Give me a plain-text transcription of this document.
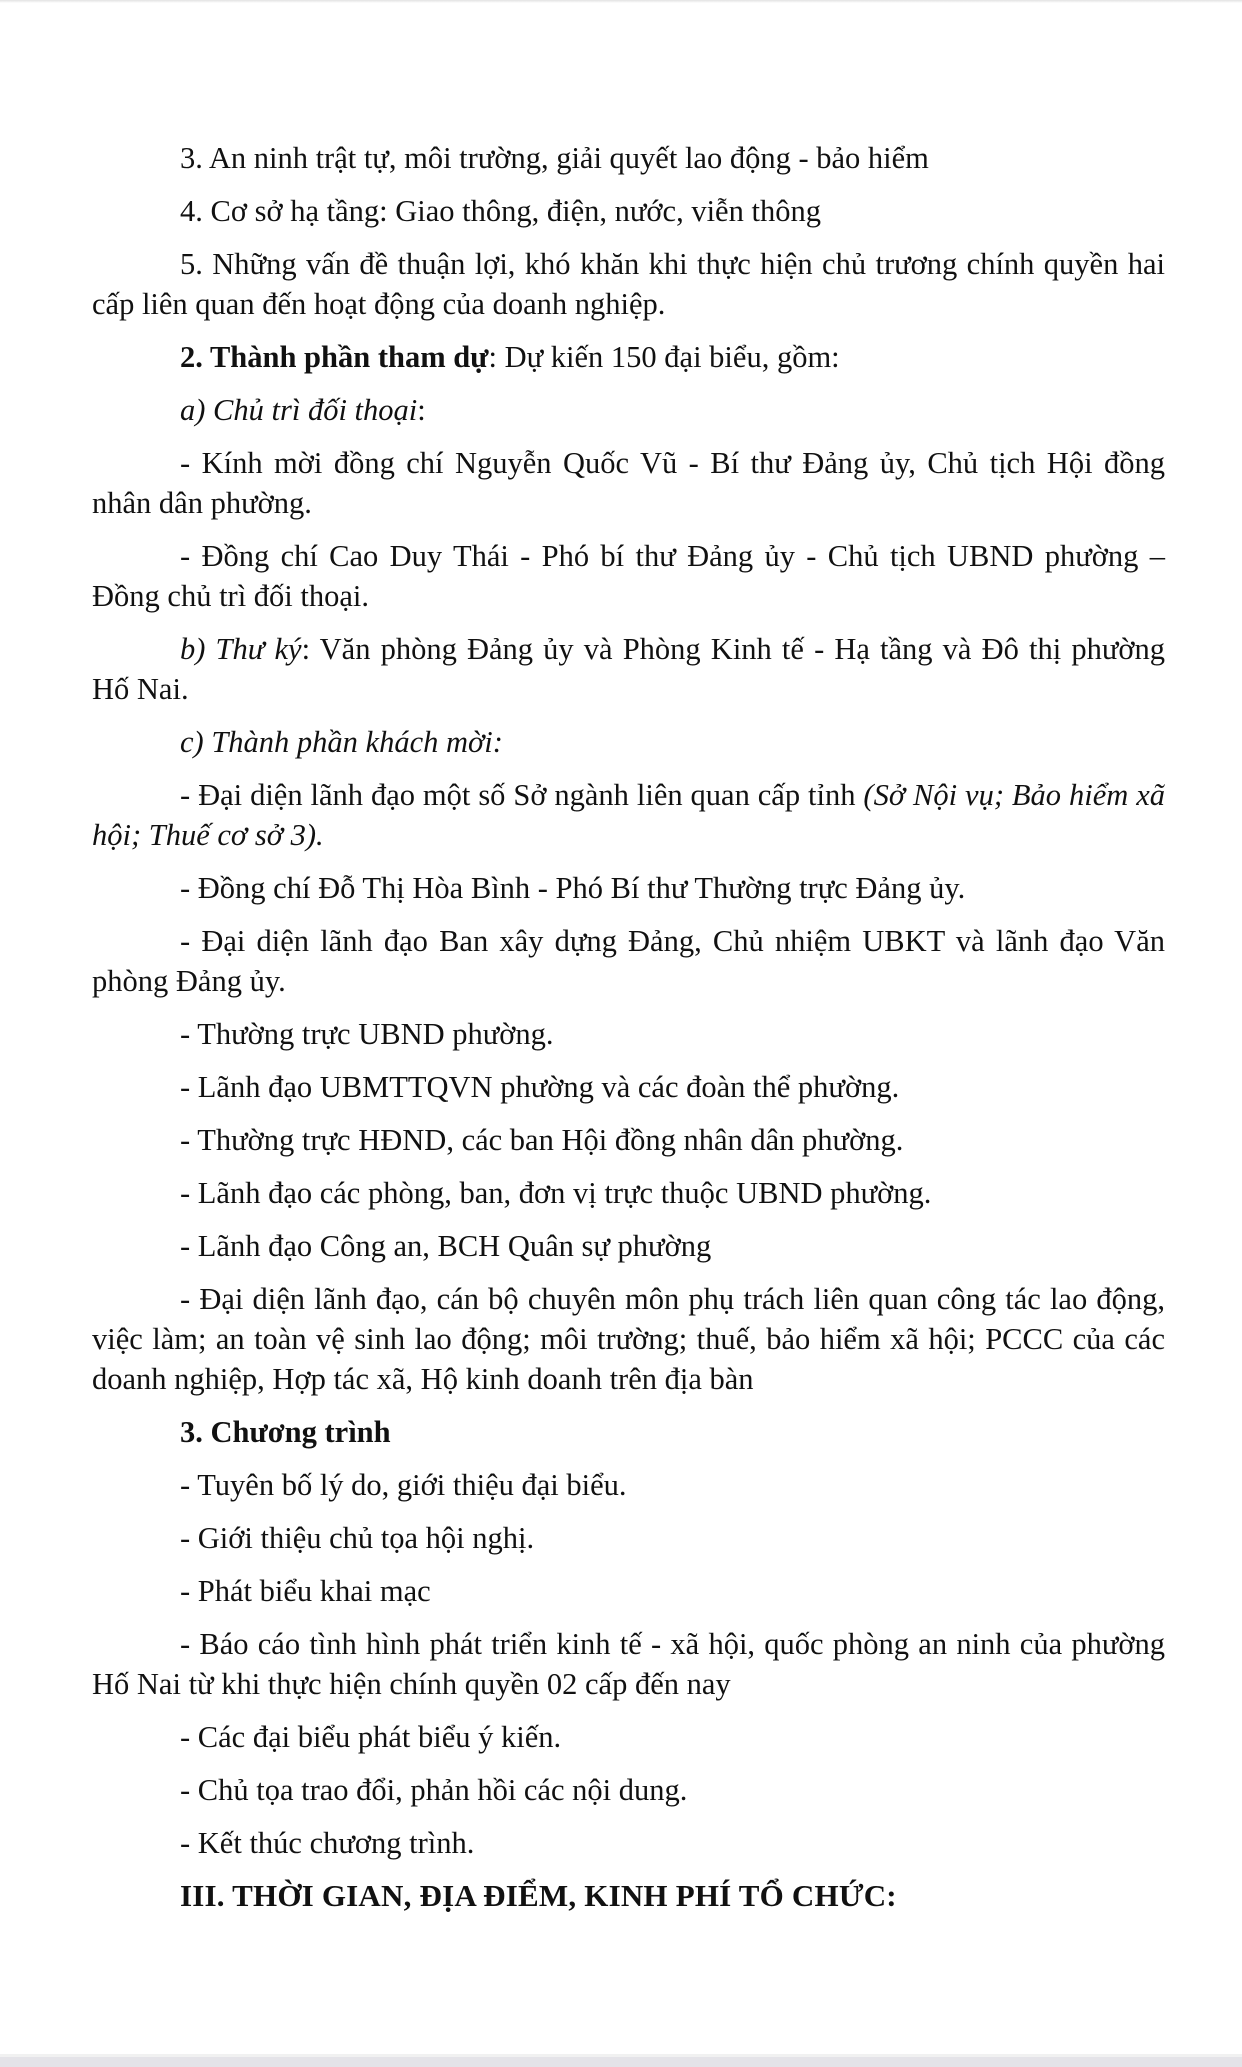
3. An ninh trật tự, môi trường, giải quyết lao động - bảo hiểm

4. Cơ sở hạ tầng: Giao thông, điện, nước, viễn thông

5. Những vấn đề thuận lợi, khó khăn khi thực hiện chủ trương chính quyền hai cấp liên quan đến hoạt động của doanh nghiệp.

2. Thành phần tham dự: Dự kiến 150 đại biểu, gồm:

a) Chủ trì đối thoại:

- Kính mời đồng chí Nguyễn Quốc Vũ - Bí thư Đảng ủy, Chủ tịch Hội đồng nhân dân phường.

- Đồng chí Cao Duy Thái - Phó bí thư Đảng ủy - Chủ tịch UBND phường – Đồng chủ trì đối thoại.

b) Thư ký: Văn phòng Đảng ủy và Phòng Kinh tế - Hạ tầng và Đô thị phường Hố Nai.

c) Thành phần khách mời:

- Đại diện lãnh đạo một số Sở ngành liên quan cấp tỉnh (Sở Nội vụ; Bảo hiểm xã hội; Thuế cơ sở 3).

- Đồng chí Đỗ Thị Hòa Bình - Phó Bí thư Thường trực Đảng ủy.

- Đại diện lãnh đạo Ban xây dựng Đảng, Chủ nhiệm UBKT và lãnh đạo Văn phòng Đảng ủy.

- Thường trực UBND phường.

- Lãnh đạo UBMTTQVN phường và các đoàn thể phường.

- Thường trực HĐND, các ban Hội đồng nhân dân phường.

- Lãnh đạo các phòng, ban, đơn vị trực thuộc UBND phường.

- Lãnh đạo Công an, BCH Quân sự phường

- Đại diện lãnh đạo, cán bộ chuyên môn phụ trách liên quan công tác lao động, việc làm; an toàn vệ sinh lao động; môi trường; thuế, bảo hiểm xã hội; PCCC của các doanh nghiệp, Hợp tác xã, Hộ kinh doanh trên địa bàn

3. Chương trình

- Tuyên bố lý do, giới thiệu đại biểu.

- Giới thiệu chủ tọa hội nghị.

- Phát biểu khai mạc

- Báo cáo tình hình phát triển kinh tế - xã hội, quốc phòng an ninh của phường Hố Nai từ khi thực hiện chính quyền 02 cấp đến nay

- Các đại biểu phát biểu ý kiến.

- Chủ tọa trao đổi, phản hồi các nội dung.

- Kết thúc chương trình.

III. THỜI GIAN, ĐỊA ĐIỂM, KINH PHÍ TỔ CHỨC:
